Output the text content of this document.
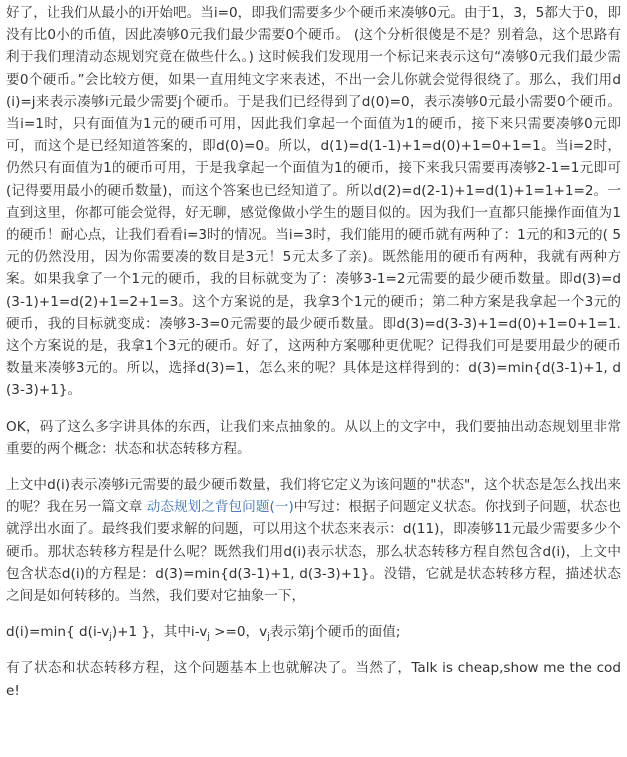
好了，让我们从最小的i开始吧。当i=0，即我们需要多少个硬币来凑够0元。由于1，3，5都大于0，即没有比0小的币值，因此凑够0元我们最少需要0个硬币。 (这个分析很傻是不是？别着急，这个思路有利于我们理清动态规划究竟在做些什么。) 这时候我们发现用一个标记来表示这句“凑够0元我们最少需要0个硬币。”会比较方便，如果一直用纯文字来表述，不出一会儿你就会觉得很绕了。那么，我们用d(i)=j来表示凑够i元最少需要j个硬币。于是我们已经得到了d(0)=0，表示凑够0元最小需要0个硬币。当i=1时，只有面值为1元的硬币可用，因此我们拿起一个面值为1的硬币，接下来只需要凑够0元即可，而这个是已经知道答案的，即d(0)=0。所以，d(1)=d(1-1)+1=d(0)+1=0+1=1。当i=2时，仍然只有面值为1的硬币可用，于是我拿起一个面值为1的硬币，接下来我只需要再凑够2-1=1元即可(记得要用最小的硬币数量)，而这个答案也已经知道了。所以d(2)=d(2-1)+1=d(1)+1=1+1=2。一直到这里，你都可能会觉得，好无聊，感觉像做小学生的题目似的。因为我们一直都只能操作面值为1的硬币！耐心点，让我们看看i=3时的情况。当i=3时，我们能用的硬币就有两种了：1元的和3元的( 5元的仍然没用，因为你需要凑的数目是3元！5元太多了亲)。既然能用的硬币有两种，我就有两种方案。如果我拿了一个1元的硬币，我的目标就变为了：凑够3-1=2元需要的最少硬币数量。即d(3)=d(3-1)+1=d(2)+1=2+1=3。这个方案说的是，我拿3个1元的硬币；第二种方案是我拿起一个3元的硬币，我的目标就变成：凑够3-3=0元需要的最少硬币数量。即d(3)=d(3-3)+1=d(0)+1=0+1=1. 这个方案说的是，我拿1个3元的硬币。好了，这两种方案哪种更优呢？记得我们可是要用最少的硬币数量来凑够3元的。所以，选择d(3)=1，怎么来的呢？具体是这样得到的：d(3)=min{d(3-1)+1, d(3-3)+1}。

OK，码了这么多字讲具体的东西，让我们来点抽象的。从以上的文字中，我们要抽出动态规划里非常重要的两个概念：状态和状态转移方程。

上文中d(i)表示凑够i元需要的最少硬币数量，我们将它定义为该问题的"状态"，这个状态是怎么找出来的呢？我在另一篇文章 动态规划之背包问题(一)中写过：根据子问题定义状态。你找到子问题，状态也就浮出水面了。最终我们要求解的问题，可以用这个状态来表示：d(11)，即凑够11元最少需要多少个硬币。那状态转移方程是什么呢？既然我们用d(i)表示状态，那么状态转移方程自然包含d(i)，上文中包含状态d(i)的方程是：d(3)=min{d(3-1)+1, d(3-3)+1}。没错，它就是状态转移方程，描述状态之间是如何转移的。当然，我们要对它抽象一下，

d(i)=min{ $d(i-v_j)+1$ }，其中$i-v_j >=0$，$v_j$表示第j个硬币的面值;

有了状态和状态转移方程，这个问题基本上也就解决了。当然了，Talk is cheap,show me the code!
